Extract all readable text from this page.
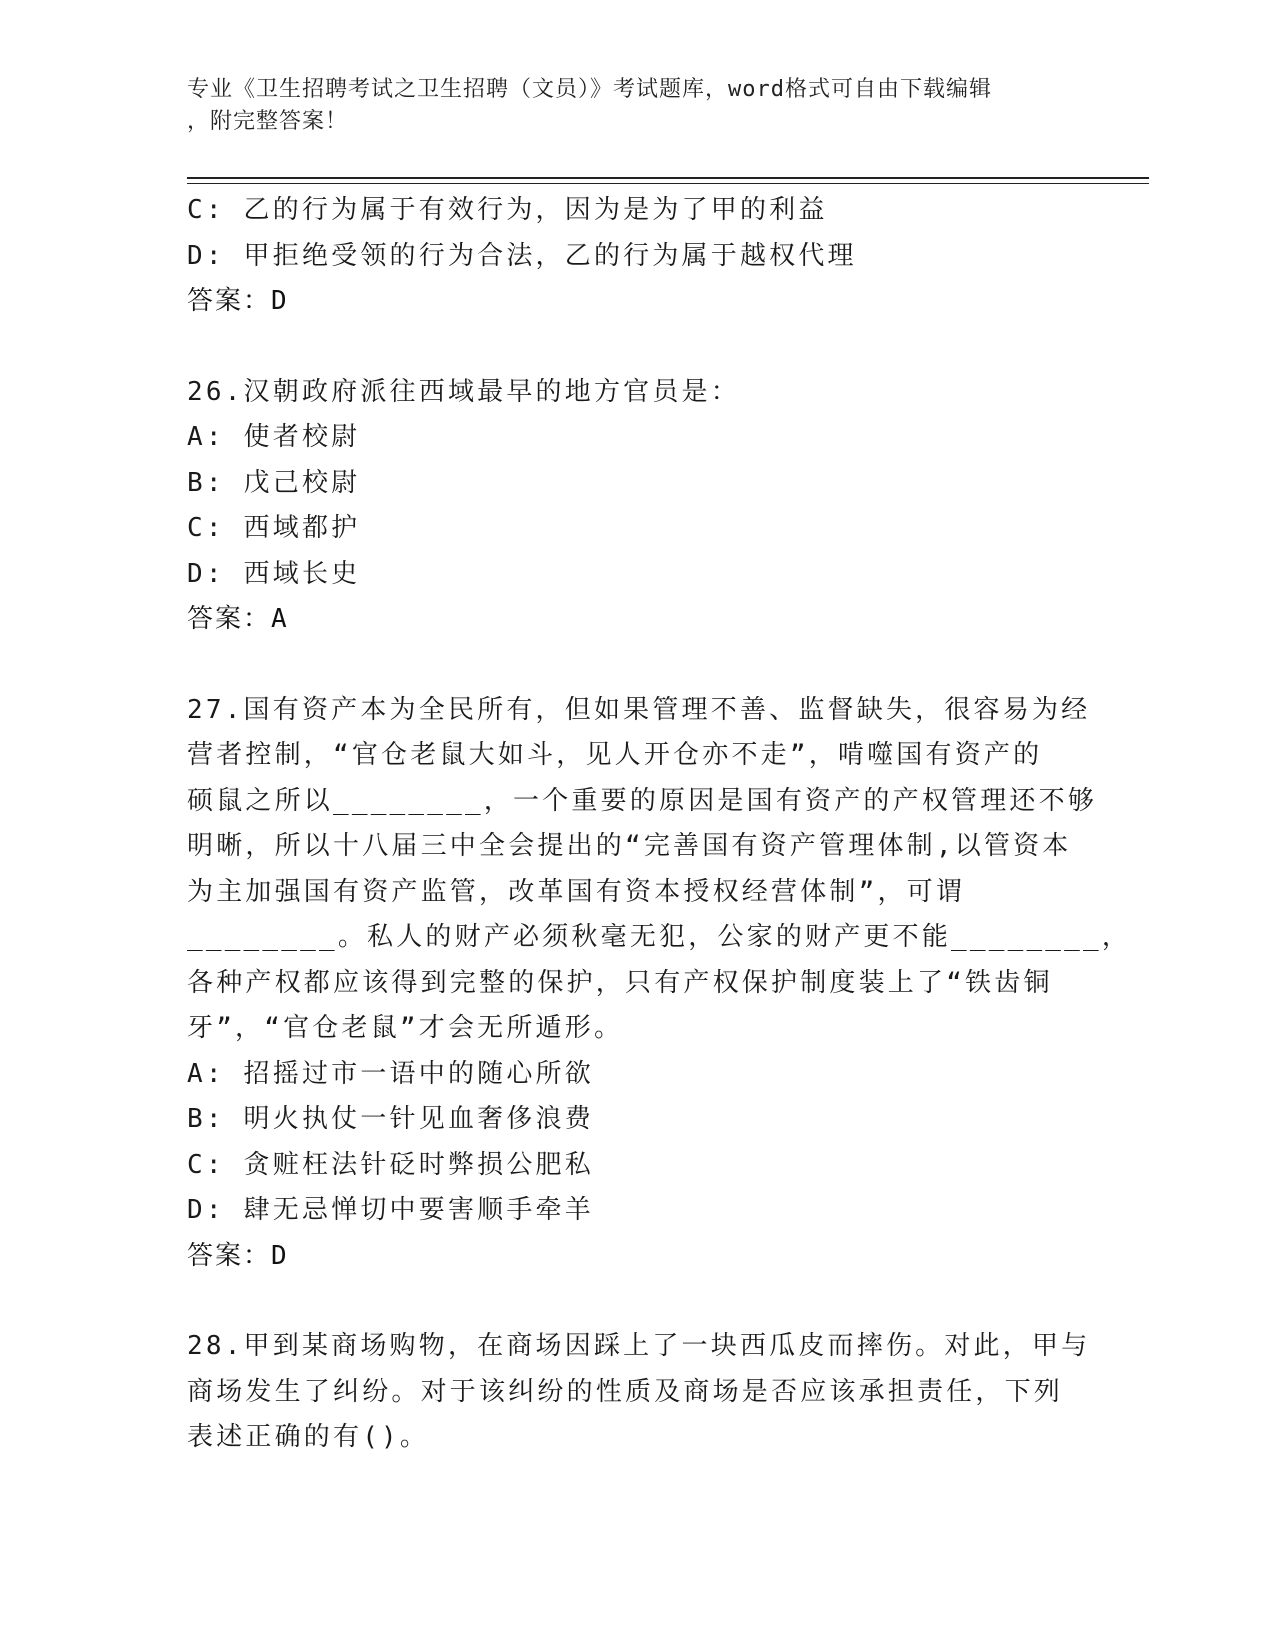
专业《卫生招聘考试之卫生招聘（文员）》考试题库，word格式可自由下载编辑
，附完整答案！
C: 乙的行为属于有效行为，因为是为了甲的利益
D: 甲拒绝受领的行为合法，乙的行为属于越权代理
答案：D
26.汉朝政府派往西域最早的地方官员是：
A: 使者校尉
B: 戊己校尉
C: 西域都护
D: 西域长史
答案：A
27.国有资产本为全民所有，但如果管理不善、监督缺失，很容易为经
营者控制，“官仓老鼠大如斗，见人开仓亦不走”，啃噬国有资产的
硕鼠之所以________，一个重要的原因是国有资产的产权管理还不够
明晰，所以十八届三中全会提出的“完善国有资产管理体制,以管资本
为主加强国有资产监管，改革国有资本授权经营体制”，可谓
________。私人的财产必须秋毫无犯，公家的财产更不能________，
各种产权都应该得到完整的保护，只有产权保护制度装上了“铁齿铜
牙”，“官仓老鼠”才会无所遁形。
A: 招摇过市一语中的随心所欲
B: 明火执仗一针见血奢侈浪费
C: 贪赃枉法针砭时弊损公肥私
D: 肆无忌惮切中要害顺手牵羊
答案：D
28.甲到某商场购物，在商场因踩上了一块西瓜皮而摔伤。对此，甲与
商场发生了纠纷。对于该纠纷的性质及商场是否应该承担责任，下列
表述正确的有()。
